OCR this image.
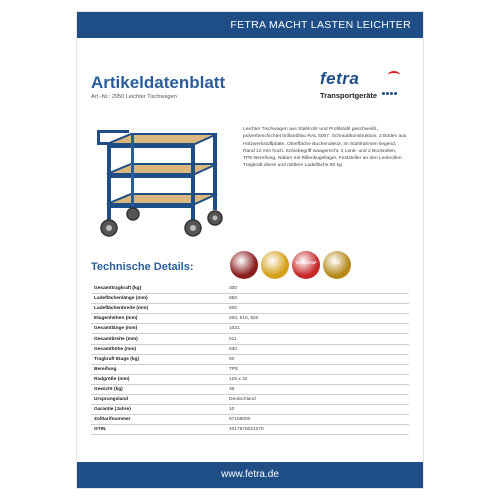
FETRA MACHT LASTEN LEICHTER
Artikeldatenblatt
Art.-Nr.: 2950 Leichter Tischwagen
fetra
Transportgeräte
Leichter Tischwagen aus Stahlrohr und Profilstahl geschweißt, pulverbeschichtet brillantblau RAL 5007. Schraubkonstruktion, 3 Böden aus Holzwerkstoffplatte, Oberfläche Buchendekor, im Stahlrahmen liegend, Rand 12 mm hoch. Schiebegriff waagerecht. 2 Lenk- und 2 Bockrollen, TPE-Bereifung, Naben mit Rillenkugellager, Feststeller an den Lenkrollen. Tragkraft obere und mittlere Ladefläche 80 kg.
Technische Details:	TOTALSTOP	FIX
Gesamttragkraft (kg)	300
Ladeflächenlänge (mm)	850
Ladeflächenbreite (mm)	500
Etagenhöhen (mm)	200, 510, 820
Gesamtlänge (mm)	1021
Gesamtbreite (mm)	511
Gesamthöhe (mm)	830
Tragkraft Etage (kg)	80
Bereifung	TPE
Radgröße (mm)	125 x 32
Gewicht (kg)	36
Ursprungsland	Deutschland
Garantie (Jahre)	10
Zolltarifnummer	87168000
GTIN	4017976021270
www.fetra.de
